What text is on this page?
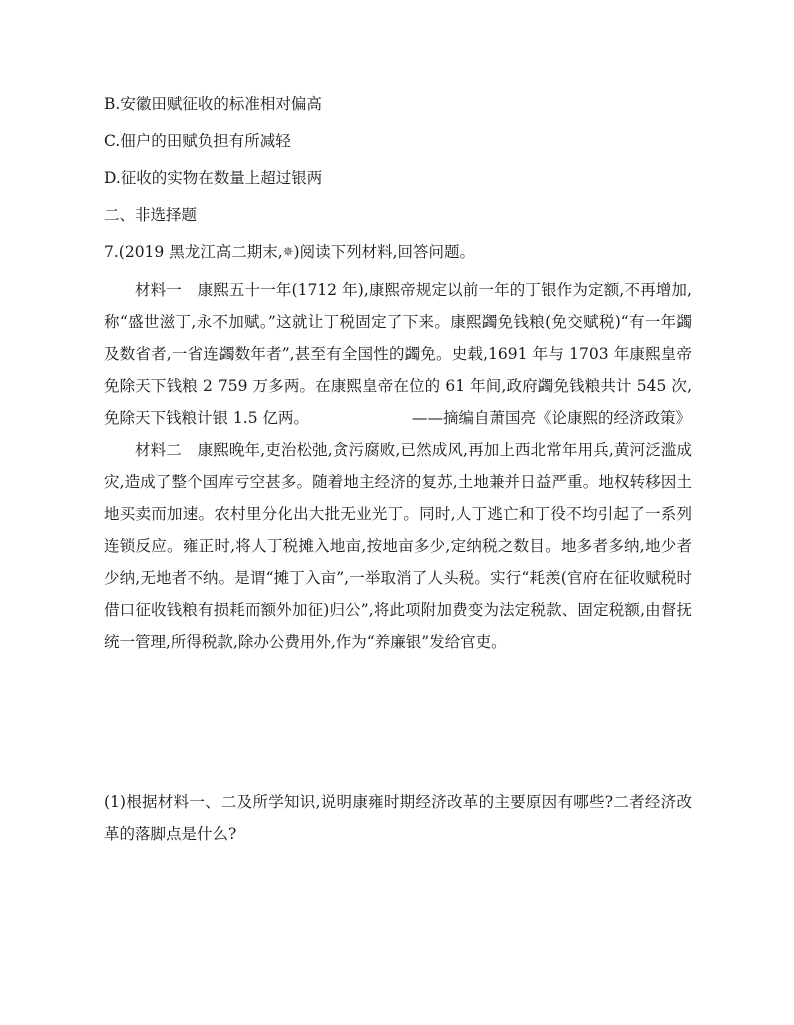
B.安徽田赋征收的标准相对偏高
C.佃户的田赋负担有所减轻
D.征收的实物在数量上超过银两
二、非选择题
7.(2019 黑龙江高二期末,✵)阅读下列材料,回答问题。
材料一　康熙五十一年(1712 年),康熙帝规定以前一年的丁银作为定额,不再增加,称“盛世滋丁,永不加赋。”这就让丁税固定了下来。康熙蠲免钱粮(免交赋税)“有一年蠲及数省者,一省连蠲数年者”,甚至有全国性的蠲免。史载,1691 年与 1703 年康熙皇帝免除天下钱粮 2 759 万多两。在康熙皇帝在位的 61 年间,政府蠲免钱粮共计 545 次,免除天下钱粮计银 1.5 亿两。	——摘编自萧国亮《论康熙的经济政策》
材料二　康熙晚年,吏治松弛,贪污腐败,已然成风,再加上西北常年用兵,黄河泛滥成灾,造成了整个国库亏空甚多。随着地主经济的复苏,土地兼并日益严重。地权转移因土地买卖而加速。农村里分化出大批无业光丁。同时,人丁逃亡和丁役不均引起了一系列连锁反应。雍正时,将人丁税摊入地亩,按地亩多少,定纳税之数目。地多者多纳,地少者少纳,无地者不纳。是谓“摊丁入亩”,一举取消了人头税。实行“耗羡(官府在征收赋税时借口征收钱粮有损耗而额外加征)归公”,将此项附加费变为法定税款、固定税额,由督抚统一管理,所得税款,除办公费用外,作为“养廉银”发给官吏。
(1)根据材料一、二及所学知识,说明康雍时期经济改革的主要原因有哪些?二者经济改革的落脚点是什么?
